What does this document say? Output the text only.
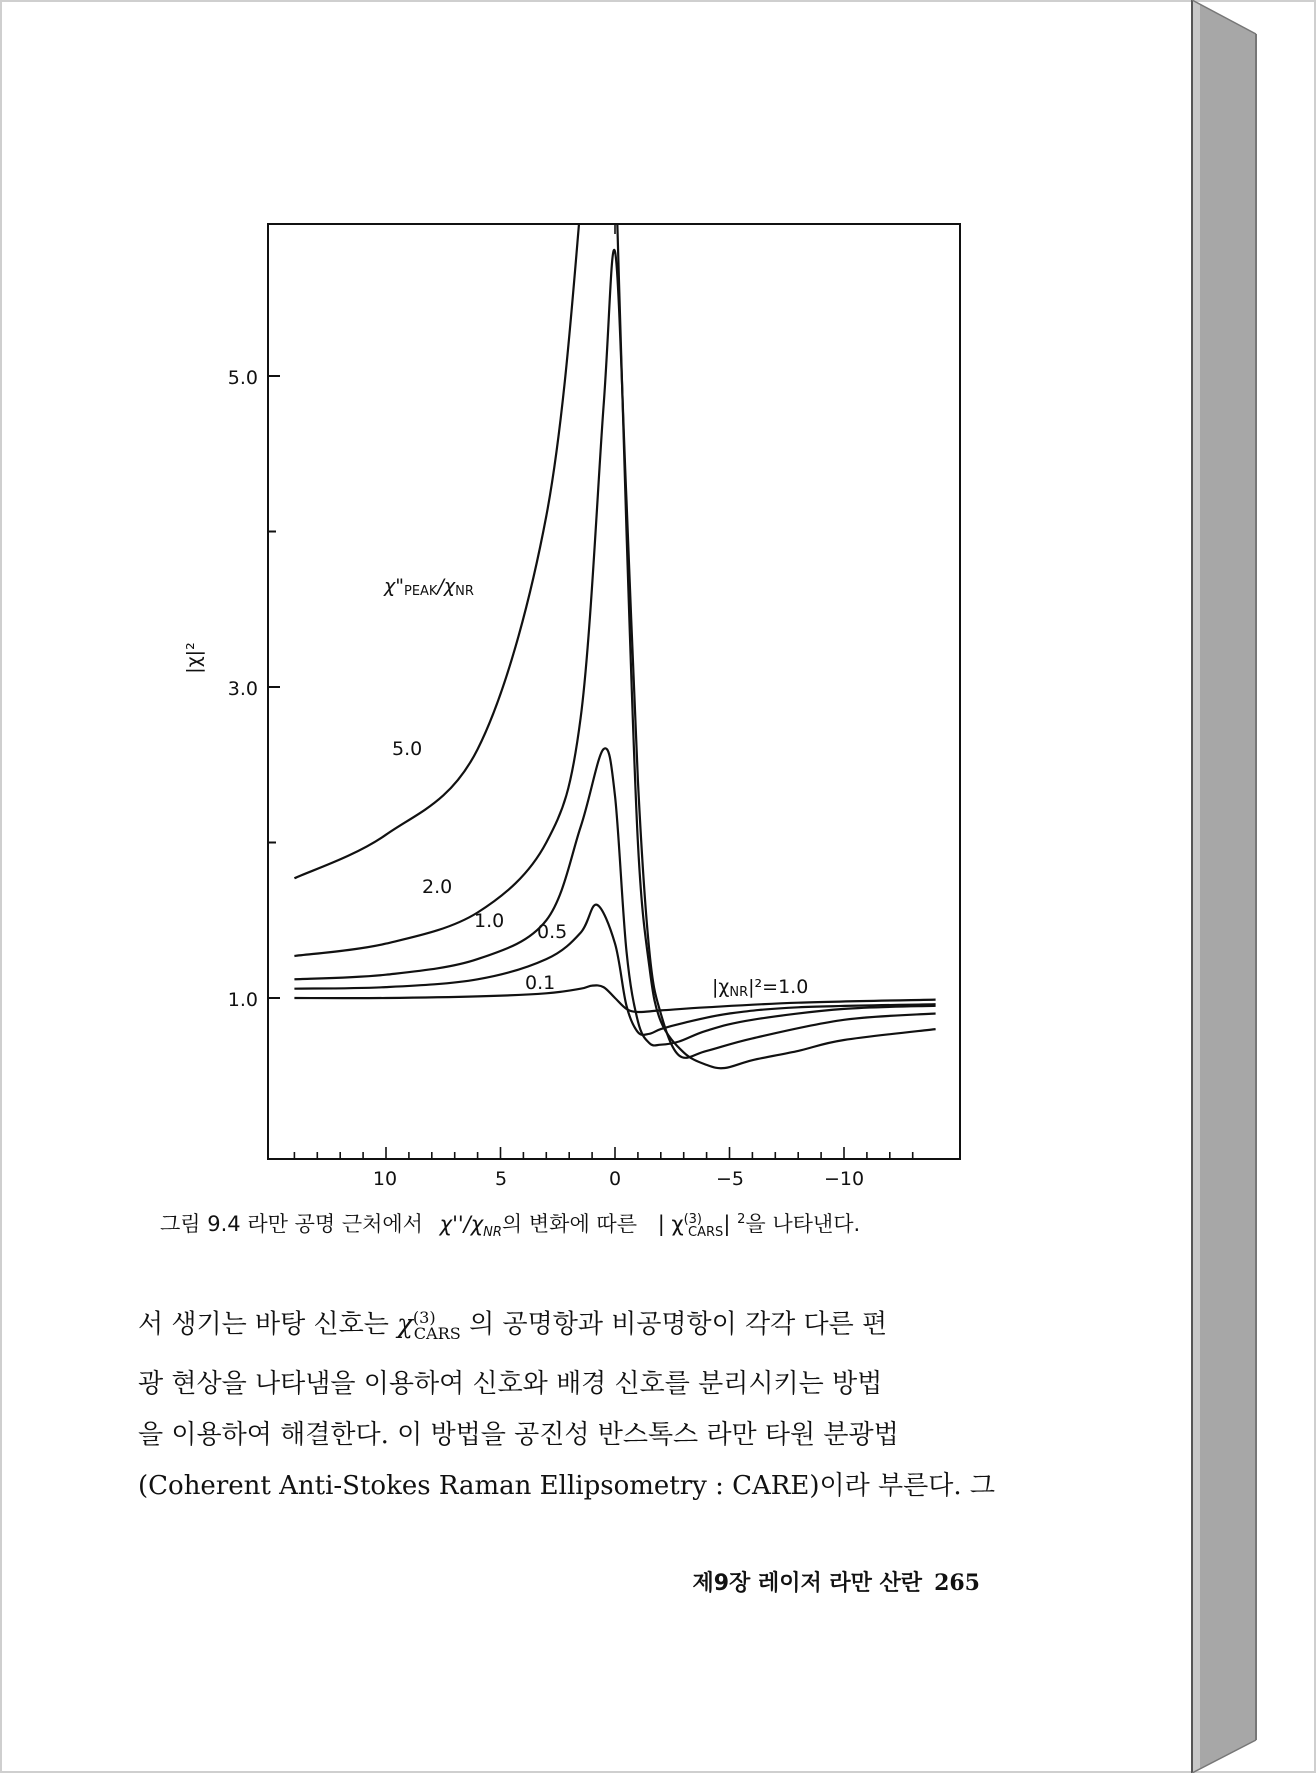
|χ|²
5.0
3.0
1.0
10	5	0	−5	−10
χ"PEAK/χNR
5.0
2.0
1.0 0.5
0.1	|χNR|²=1.0
그림 9.4 라만 공명 근처에서 $\chi''/\chi_{NR}$의 변화에 따른 | $\chi^{(3)}_{CARS}|$ $^2$을 나타낸다.
서 생기는 바탕 신호는 $\chi^{(3)}_{CARS}$ 의 공명항과 비공명항이 각각 다른 편
광 현상을 나타냄을 이용하여 신호와 배경 신호를 분리시키는 방법
을 이용하여 해결한다. 이 방법을 공진성 반스톡스 라만 타원 분광법
(Coherent Anti-Stokes Raman Ellipsometry : CARE)이라 부른다. 그
제9장 레이저 라만 산란 265
